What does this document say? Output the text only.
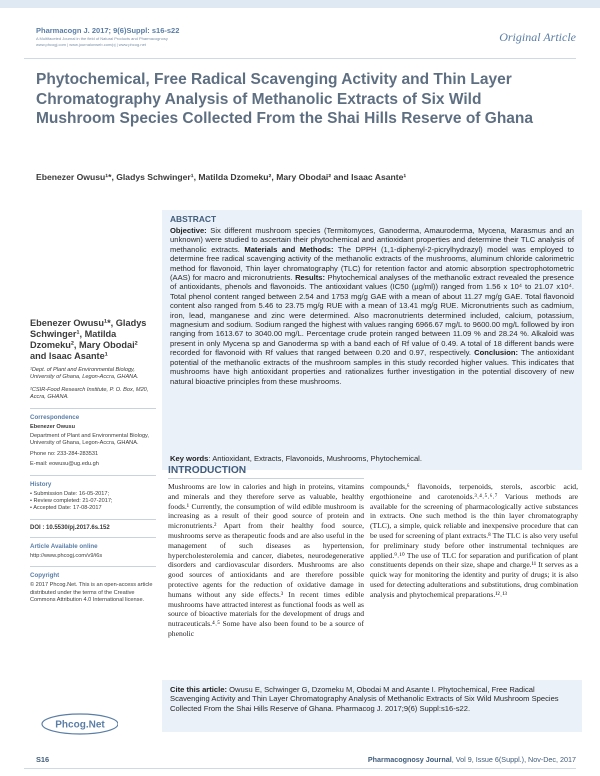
Pharmacogn J. 2017; 9(6)Suppl: s16-s22
A Multifaceted Journal in the field of Natural Products and Pharmacognosy
www.phcogj.com | www.journalonweb.com/pj | www.phcog.net	Original Article
Phytochemical, Free Radical Scavenging Activity and Thin Layer Chromatography Analysis of Methanolic Extracts of Six Wild Mushroom Species Collected From the Shai Hills Reserve of Ghana
Ebenezer Owusu¹*, Gladys Schwinger¹, Matilda Dzomeku², Mary Obodai² and Isaac Asante¹
ABSTRACT
Objective: Six different mushroom species (Termitomyces, Ganoderma, Amauroderma, Mycena, Marasmus and an unknown) were studied to ascertain their phytochemical and antioxidant properties and determine their TLC analysis of methanolic extracts. Materials and Methods: The DPPH (1,1-diphenyl-2-picrylhydrazyl) model was employed to determine free radical scavenging activity of the methanolic extracts of the mushrooms, aluminum chloride calorimetric method for flavonoid, Thin layer chromatography (TLC) for retention factor and atomic absorption spectrophotometric (AAS) for macro and micronutrients. Results: Phytochemical analyses of the methanolic extract revealed the presence of antioxidants, phenols and flavonoids. The antioxidant values (IC50 (µg/ml)) ranged from 1.56 x 10⁴ to 21.07 x10⁴. Total phenol content ranged between 2.54 and 1753 mg/g GAE with a mean of about 11.27 mg/g GAE. Total flavonoid content also ranged from 5.46 to 23.75 mg/g RUE with a mean of 13.41 mg/g RUE. Micronutrients such as cadmium, iron, lead, manganese and zinc were determined. Also macronutrients determined included, calcium, potassium, magnesium and sodium. Sodium ranged the highest with values ranging 6966.67 mg/L to 9600.00 mg/L followed by iron ranging from 1613.67 to 3040.00 mg/L. Percentage crude protein ranged between 11.09 % and 28.24 %. Alkaloid was present in only Mycena sp and Ganoderma sp with a band each of Rf value of 0.49. A total of 18 different bands were recorded for flavonoid with Rf values that ranged between 0.20 and 0.97, respectively. Conclusion: The antioxidant potential of the methanolic extracts of the mushroom samples in this study recorded higher values. This indicates that mushrooms have high antioxidant properties and rationalizes further investigation in the potential discovery of new natural bioactive principles from these mushrooms.
Key words: Antioxidant, Extracts, Flavonoids, Mushrooms, Phytochemical.
Ebenezer Owusu¹*, Gladys Schwinger¹, Matilda Dzomeku², Mary Obodai² and Isaac Asante¹
¹Dept. of Plant and Environmental Biology, University of Ghana, Legon-Accra, GHANA.
²CSIR-Food Research Institute, P. O. Box, M20, Accra, GHANA.
Correspondence
Ebenezer Owusu
Department of Plant and Environmental Biology, University of Ghana, Legon-Accra, GHANA.
Phone no: 233-284-283531
E-mail: eowusu@ug.edu.gh
History
• Submission Date: 16-05-2017;
• Review completed: 21-07-2017;
• Accepted Date: 17-08-2017
DOI : 10.5530/pj.2017.6s.152
Article Available online
http://www.phcogj.com/v9/i6s
Copyright
© 2017 Phcog.Net. This is an open-access article distributed under the terms of the Creative Commons Attribution 4.0 International license.
Phcog.Net
INTRODUCTION
Mushrooms are low in calories and high in proteins, vitamins and minerals and they therefore serve as valuable, healthy foods.¹ Currently, the consumption of wild edible mushroom is increasing as a result of their good source of protein and micronutrients.² Apart from their healthy food source, mushrooms serve as therapeutic foods and are also useful in the management of such diseases as hypertension, hypercholesterolemia and cancer, diabetes, neurodegenerative disorders and cardiovascular disorders. Mushrooms are also good sources of antioxidants and are therefore possible protective agents for the reduction of oxidative damage in humans without any side effects.³ In recent times edible mushrooms have attracted interest as functional foods as well as source of bioactive materials for the development of drugs and nutraceuticals.⁴˒⁵ Some have also been found to be a source of phenolic
compounds,⁶ flavonoids, terpenoids, sterols, ascorbic acid, ergothioneine and carotenoids.³˒⁴˒⁵˒⁶˒⁷ Various methods are available for the screening of pharmacologically active substances in extracts. One such method is the thin layer chromatography (TLC), a simple, quick reliable and inexpensive procedure that can be used for screening of plant extracts.⁸ The TLC is also very useful for preliminary study before other instrumental techniques are applied.⁹˒¹⁰ The use of TLC for separation and purification of plant constituents depends on their size, shape and charge.¹¹ It serves as a quick way for monitoring the identity and purity of drugs; it is also used for detecting adulterations and substitutions, drug combination analysis and phytochemical preparations.¹²˒¹³
Cite this article: Owusu E, Schwinger G, Dzomeku M, Obodai M and Asante I. Phytochemical, Free Radical Scavenging Activity and Thin Layer Chromatography Analysis of Methanolic Extracts of Six Wild Mushroom Species Collected From the Shai Hills Reserve of Ghana. Pharmacog J. 2017;9(6) Suppl:s16-s22.
S16	Pharmacognosy Journal, Vol 9, Issue 6(Suppl.), Nov-Dec, 2017
